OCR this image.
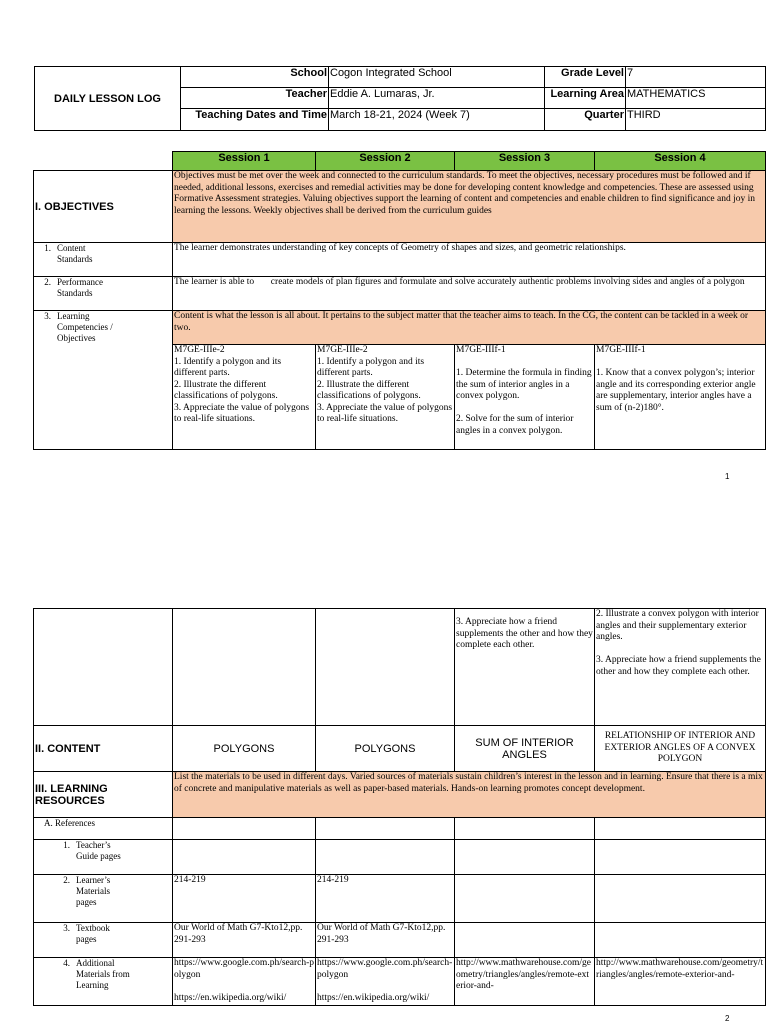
DAILY LESSON LOG	School	Cogon Integrated School	Grade Level	7
	Teacher	Eddie A. Lumaras, Jr.	Learning Area	MATHEMATICS
	Teaching Dates and Time	March 18-21, 2024 (Week 7)	Quarter	THIRD
	Session 1	Session 2	Session 3	Session 4
I. OBJECTIVES	Objectives must be met over the week and connected to the curriculum standards. To meet the objectives, necessary procedures must be followed and if needed, additional lessons, exercises and remedial activities may be done for developing content knowledge and competencies. These are assessed using Formative Assessment strategies. Valuing objectives support the learning of content and competencies and enable children to find significance and joy in learning the lessons. Weekly objectives shall be derived from the curriculum guides			

1. Content
Standards	The learner demonstrates understanding of key concepts of Geometry of shapes and sizes, and geometric relationships.			

2. Performance
Standards	The learner is able to       create models of plan figures and formulate and solve accurately authentic problems involving sides and angles of a polygon			

3. Learning
Competencies /
Objectives	Content is what the lesson is all about. It pertains to the subject matter that the teacher aims to teach. In the CG, the content can be tackled in a week or two.			
	M7GE-IIIe-2
1. Identify a polygon and its different parts.
2. Illustrate the different classifications of polygons.
3. Appreciate the value of polygons to real-life situations.	M7GE-IIIe-2
1. Identify a polygon and its different parts.
2. Illustrate the different classifications of polygons.
3. Appreciate the value of polygons to real-life situations.	M7GE-IIIf-1

1. Determine the formula in finding the sum of interior angles in a convex polygon.

2. Solve for the sum of interior angles in a convex polygon.	M7GE-IIIf-1

1. Know that a convex polygon’s; interior angle and its corresponding exterior angle are supplementary, interior angles have a sum of (n-2)180°.
1
			3. Appreciate how a friend supplements the other and how they complete each other.	2. Illustrate a convex polygon with interior angles and their supplementary exterior angles.

3. Appreciate how a friend supplements the other and how they complete each other.
II. CONTENT	POLYGONS	POLYGONS	SUM OF INTERIOR ANGLES	RELATIONSHIP OF INTERIOR AND EXTERIOR ANGLES OF A CONVEX POLYGON
III. LEARNING RESOURCES	List the materials to be used in different days. Varied sources of materials sustain children’s interest in the lesson and in learning. Ensure that there is a mix of concrete and manipulative materials as well as paper-based materials. Hands-on learning promotes concept development.			
A. References				

1. Teacher’s
Guide pages				

2. Learner’s
Materials
pages	214-219	214-219		

3. Textbook
pages	Our World of Math G7-Kto12,pp. 291-293	Our World of Math G7-Kto12,pp. 291-293		

4. Additional
Materials from
Learning	https://www.google.com.ph/search-polygon

https://en.wikipedia.org/wiki/	https://www.google.com.ph/search-polygon

https://en.wikipedia.org/wiki/	http://www.mathwarehouse.com/geometry/triangles/angles/remote-exterior-and-	http://www.mathwarehouse.com/geometry/triangles/angles/remote-exterior-and-
2
